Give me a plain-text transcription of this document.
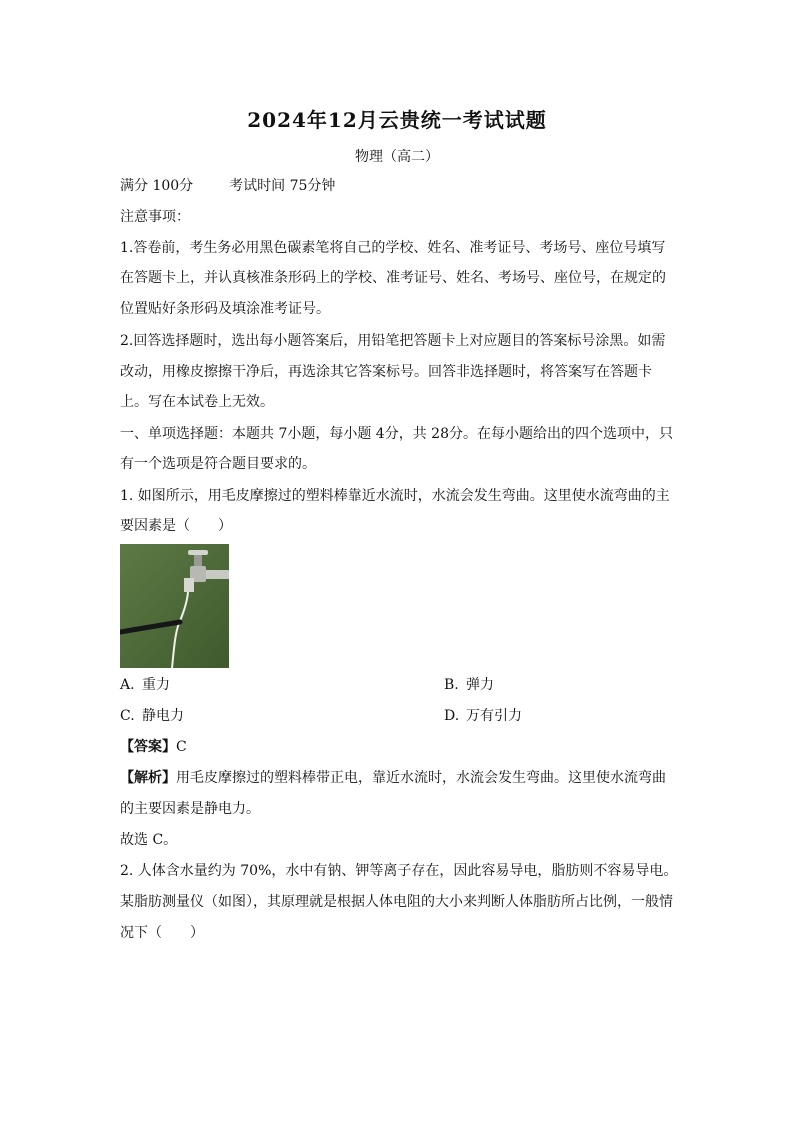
2024年12月云贵统一考试试题
物理（高二）
满分 100分	考试时间 75分钟
注意事项：
1.答卷前，考生务必用黑色碳素笔将自己的学校、姓名、准考证号、考场号、座位号填写
在答题卡上，并认真核准条形码上的学校、准考证号、姓名、考场号、座位号，在规定的
位置贴好条形码及填涂准考证号。
2.回答选择题时，选出每小题答案后，用铅笔把答题卡上对应题目的答案标号涂黑。如需
改动，用橡皮擦擦干净后，再选涂其它答案标号。回答非选择题时，将答案写在答题卡
上。写在本试卷上无效。
一、单项选择题：本题共 7小题，每小题 4分，共 28分。在每小题给出的四个选项中，只
有一个选项是符合题目要求的。
1. 如图所示，用毛皮摩擦过的塑料棒靠近水流时，水流会发生弯曲。这里使水流弯曲的主
要因素是（　　）
A. 重力	B. 弹力
C. 静电力	D. 万有引力
【答案】C
【解析】用毛皮摩擦过的塑料棒带正电，靠近水流时，水流会发生弯曲。这里使水流弯曲
的主要因素是静电力。
故选 C。
2. 人体含水量约为 70%，水中有钠、钾等离子存在，因此容易导电，脂肪则不容易导电。
某脂肪测量仪（如图），其原理就是根据人体电阻的大小来判断人体脂肪所占比例，一般情
况下（　　）
